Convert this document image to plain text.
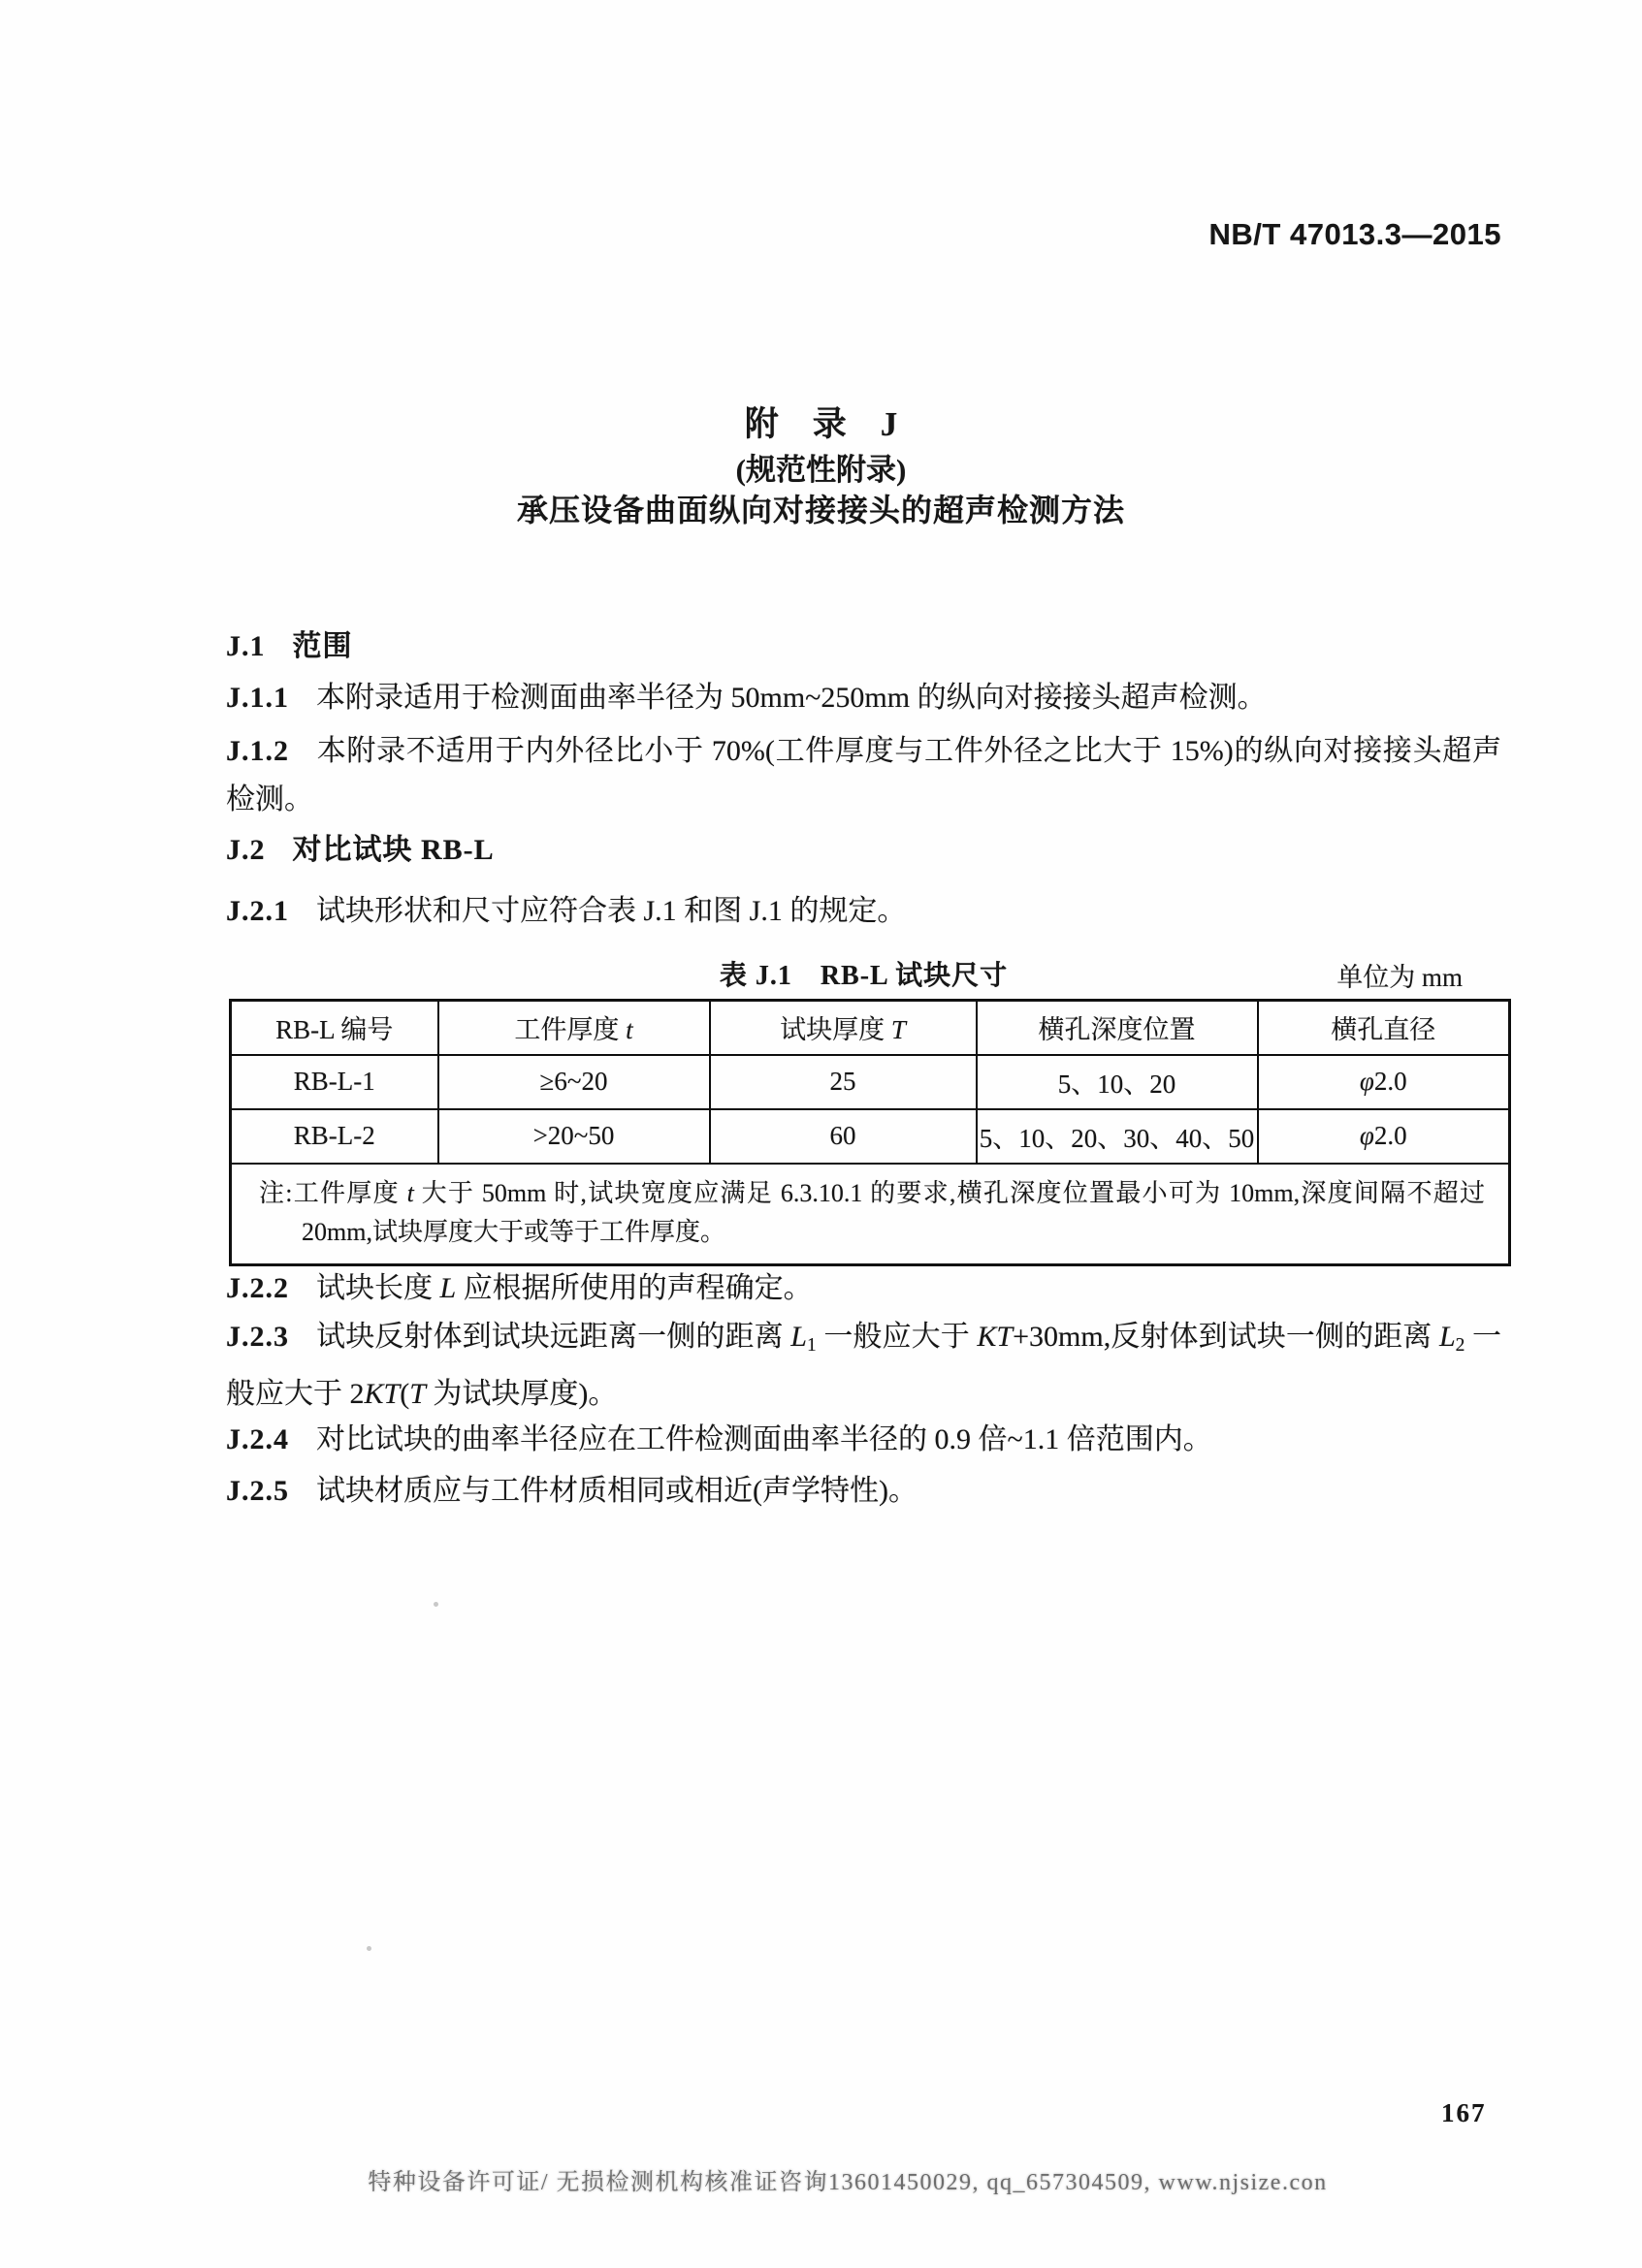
NB/T 47013.3—2015
附　录　J
(规范性附录)
承压设备曲面纵向对接接头的超声检测方法
J.1 范围

J.1.1 本附录适用于检测面曲率半径为 50mm~250mm 的纵向对接接头超声检测。

J.1.2 本附录不适用于内外径比小于 70%(工件厚度与工件外径之比大于 15%)的纵向对接接头超声检测。

J.2 对比试块 RB-L

J.2.1 试块形状和尺寸应符合表 J.1 和图 J.1 的规定。

表 J.1　RB-L 试块尺寸	单位为 mm
RB-L 编号	工件厚度 t	试块厚度 T	横孔深度位置	横孔直径
RB-L-1	≥6~20	25	5、10、20	φ2.0
RB-L-2	>20~50	60	5、10、20、30、40、50	φ2.0

注:工件厚度 t 大于 50mm 时,试块宽度应满足 6.3.10.1 的要求,横孔深度位置最小可为 10mm,深度间隔不超过 20mm,试块厚度大于或等于工件厚度。				

J.2.2 试块长度 L 应根据所使用的声程确定。

J.2.3 试块反射体到试块远距离一侧的距离 L1 一般应大于 KT+30mm,反射体到试块一侧的距离 L2 一般应大于 2KT(T 为试块厚度)。

J.2.4 对比试块的曲率半径应在工件检测面曲率半径的 0.9 倍~1.1 倍范围内。

J.2.5 试块材质应与工件材质相同或相近(声学特性)。

167
特种设备许可证/ 无损检测机构核准证咨询13601450029, qq_657304509, www.njsize.con
